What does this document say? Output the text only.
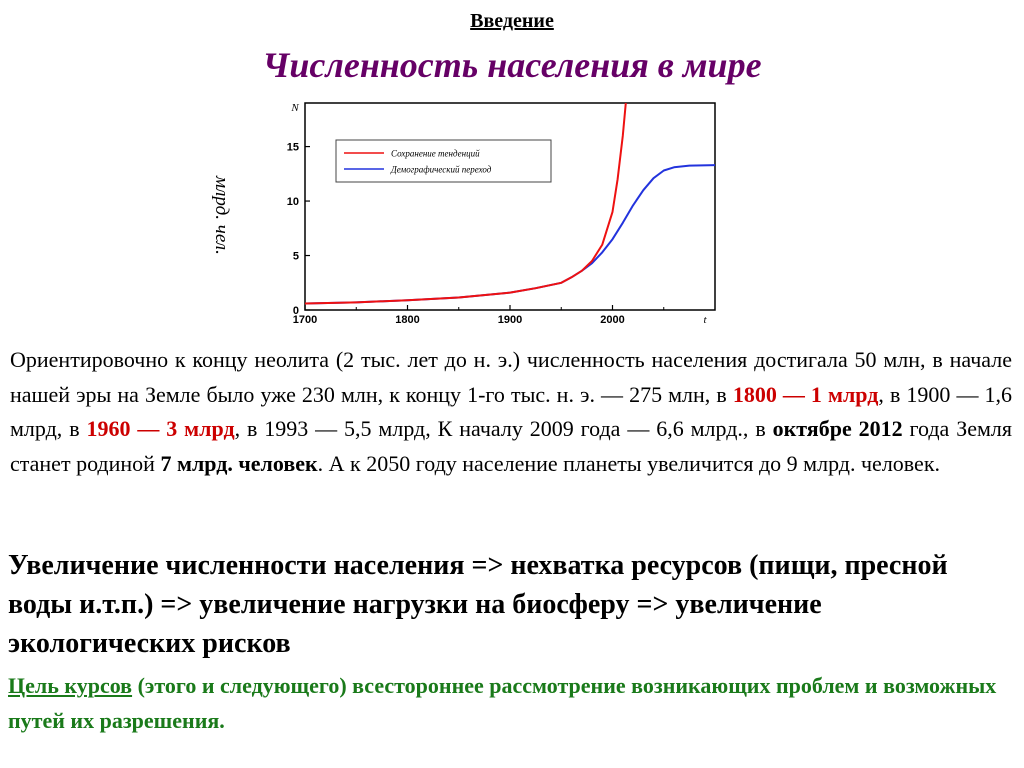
Введение
Численность населения в мире
1700	1800	1900	2000
0
5
10
15
N
t
Сохранение тенденций
Демографический переход
млрд. чел.

Ориентировочно к концу неолита (2 тыс. лет до н. э.) численность населения достигала 50 млн, в начале нашей эры на Земле было уже 230 млн, к концу 1-го тыс. н. э. — 275 млн, в 1800 — 1 млрд, в 1900 — 1,6 млрд, в 1960 — 3 млрд, в 1993 — 5,5 млрд, К началу 2009 года — 6,6 млрд., в октябре 2012 года Земля станет родиной 7 млрд. человек. А к 2050 году население планеты увеличится до 9 млрд. человек.

Увеличение численности населения => нехватка ресурсов (пищи, пресной воды и.т.п.) => увеличение нагрузки на биосферу => увеличение экологических рисков

Цель курсов (этого и следующего) всестороннее рассмотрение возникающих проблем и возможных путей их разрешения.
